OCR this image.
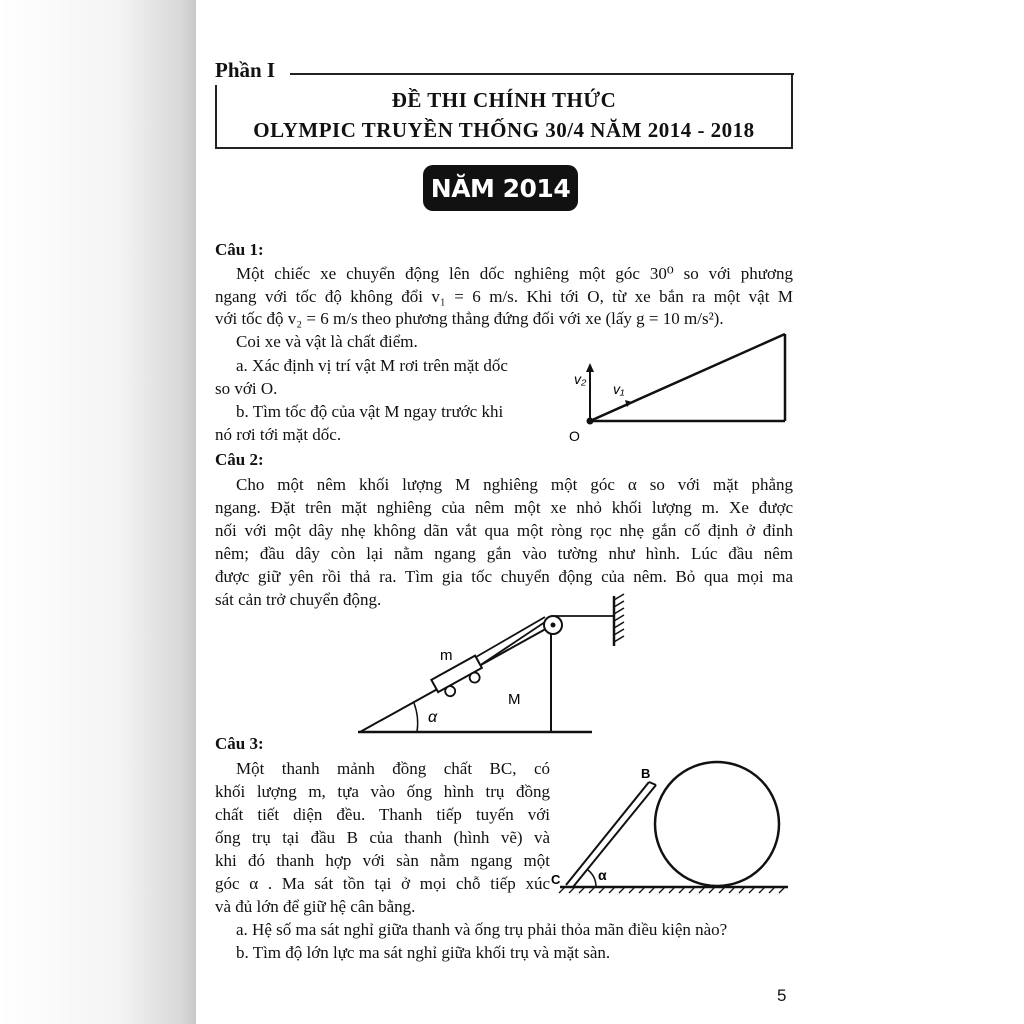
Phần I
ĐỀ THI CHÍNH THỨC
OLYMPIC TRUYỀN THỐNG 30/4 NĂM 2014 - 2018
NĂM 2014
Câu 1:
Một chiếc xe chuyển động lên dốc nghiêng một góc 30⁰ so với phương
ngang với tốc độ không đổi v₁ = 6 m/s. Khi tới O, từ xe bắn ra một vật M
với tốc độ v₂ = 6 m/s theo phương thẳng đứng đối với xe (lấy g = 10 m/s²).
Coi xe và vật là chất điểm.
a. Xác định vị trí vật M rơi trên mặt dốc
so với O.
b. Tìm tốc độ của vật M ngay trước khi
nó rơi tới mặt dốc.
v₂
v₁
O
Câu 2:
Cho một nêm khối lượng M nghiêng một góc α so với mặt phẳng
ngang. Đặt trên mặt nghiêng của nêm một xe nhỏ khối lượng m. Xe được
nối với một dây nhẹ không dãn vắt qua một ròng rọc nhẹ gắn cố định ở đỉnh
nêm; đầu dây còn lại nằm ngang gắn vào tường như hình. Lúc đầu nêm
được giữ yên rồi thả ra. Tìm gia tốc chuyển động của nêm. Bỏ qua mọi ma
sát cản trở chuyển động.
m
M
α
Câu 3:
Một thanh mảnh đồng chất BC, có
khối lượng m, tựa vào ống hình trụ đồng
chất tiết diện đều. Thanh tiếp tuyến với
ống trụ tại đầu B của thanh (hình vẽ) và
khi đó thanh hợp với sàn nằm ngang một
góc α . Ma sát tồn tại ở mọi chỗ tiếp xúc
và đủ lớn để giữ hệ cân bằng.
a. Hệ số ma sát nghỉ giữa thanh và ống trụ phải thỏa mãn điều kiện nào?
b. Tìm độ lớn lực ma sát nghỉ giữa khối trụ và mặt sàn.
B
C	α
5
